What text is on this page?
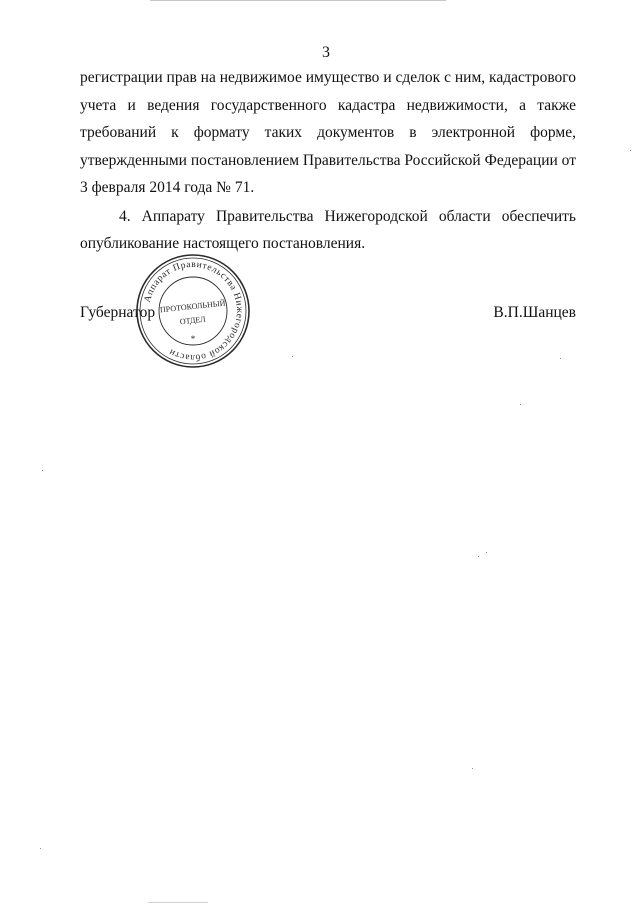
3

регистрации прав на недвижимое имущество и сделок с ним, кадастрового
учета и ведения государственного кадастра недвижимости, а также
требований к формату таких документов в электронной форме,
утвержденными постановлением Правительства Российской Федерации от
3 февраля 2014 года № 71.

4. Аппарату Правительства Нижегородской области обеспечить
опубликование настоящего постановления.

Губернатор	В.П.Шанцев
Аппарат Правительства Нижегородской области
*
ПРОТОКОЛЬНЫЙ
ОТДЕЛ
